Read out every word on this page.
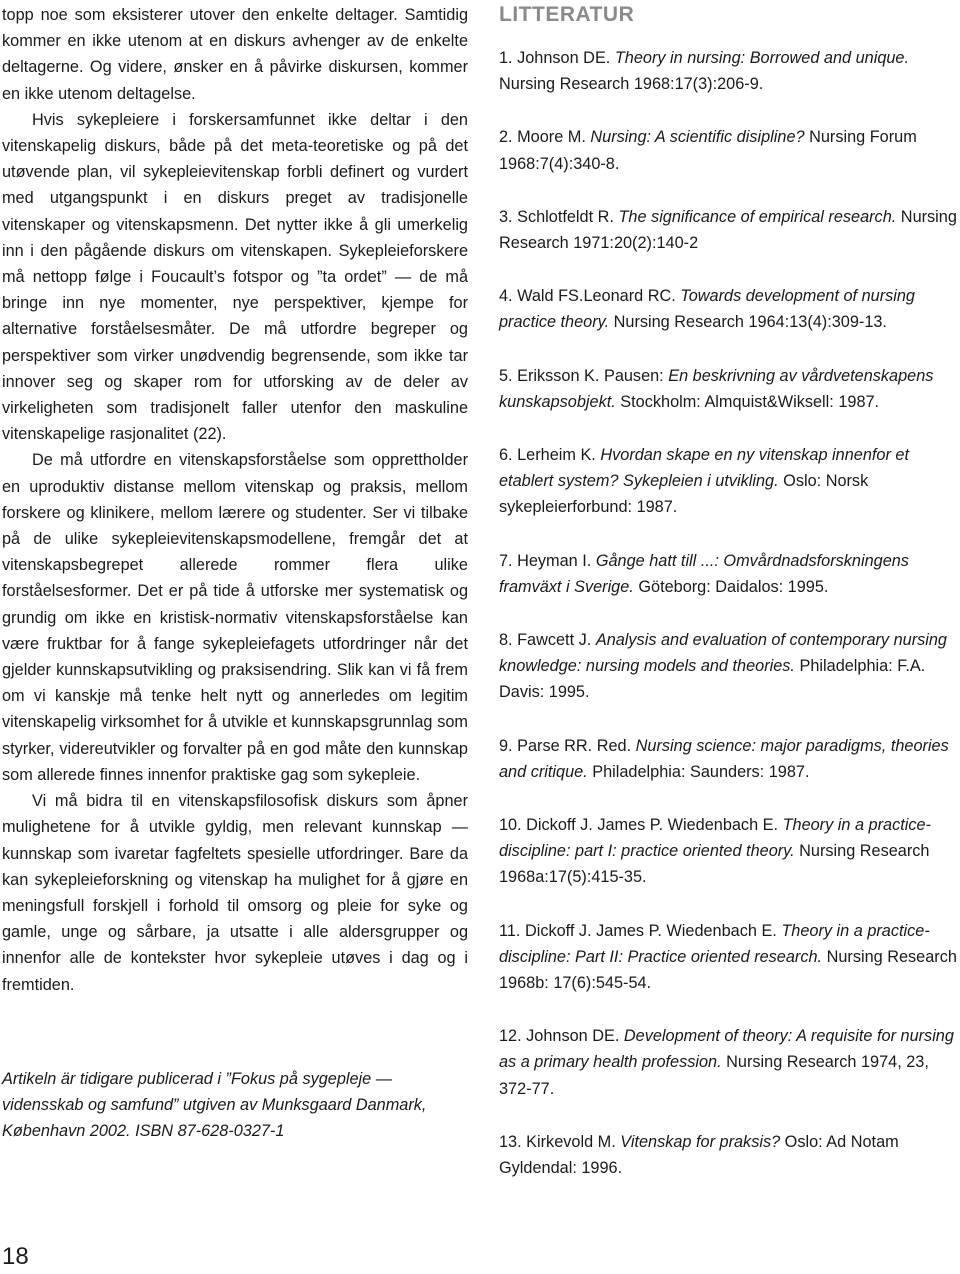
topp noe som eksisterer utover den enkelte deltager. Samtidig kommer en ikke utenom at en diskurs avhenger av de enkelte deltagerne. Og videre, ønsker en å påvirke diskursen, kommer en ikke utenom deltagelse.

Hvis sykepleiere i forskersamfunnet ikke deltar i den vitenskapelig diskurs, både på det meta-teoretiske og på det utøvende plan, vil sykepleievitenskap forbli definert og vurdert med utgangspunkt i en diskurs preget av tradisjonelle vitenskaper og vitenskapsmenn. Det nytter ikke å gli umerkelig inn i den pågående diskurs om vitenskapen. Sykepleieforskere må nettopp følge i Foucault’s fotspor og ”ta ordet” — de må bringe inn nye momenter, nye perspektiver, kjempe for alternative forståelsesmåter. De må utfordre begreper og perspektiver som virker unødvendig begrensende, som ikke tar innover seg og skaper rom for utforsking av de deler av virkeligheten som tradisjonelt faller utenfor den maskuline vitenskapelige rasjonalitet (22).

De må utfordre en vitenskapsforståelse som opprettholder en uproduktiv distanse mellom vitenskap og praksis, mellom forskere og klinikere, mellom lærere og studenter. Ser vi tilbake på de ulike sykepleievitenskapsmodellene, fremgår det at vitenskapsbegrepet allerede rommer flera ulike forståelsesformer. Det er på tide å utforske mer systematisk og grundig om ikke en kristisk-normativ vitenskapsforståelse kan være fruktbar for å fange sykepleiefagets utfordringer når det gjelder kunnskapsutvikling og praksisendring. Slik kan vi få frem om vi kanskje må tenke helt nytt og annerledes om legitim vitenskapelig virksomhet for å utvikle et kunnskapsgrunnlag som styrker, videreutvikler og forvalter på en god måte den kunnskap som allerede finnes innenfor praktiske gag som sykepleie.

Vi må bidra til en vitenskapsfilosofisk diskurs som åpner mulighetene for å utvikle gyldig, men relevant kunnskap — kunnskap som ivaretar fagfeltets spesielle utfordringer. Bare da kan sykepleieforskning og vitenskap ha mulighet for å gjøre en meningsfull forskjell i forhold til omsorg og pleie for syke og gamle, unge og sårbare, ja utsatte i alle aldersgrupper og innenfor alle de kontekster hvor sykepleie utøves i dag og i fremtiden.

Artikeln är tidigare publicerad i ”Fokus på sygepleje — vidensskab og samfund” utgiven av Munksgaard Danmark, København 2002. ISBN 87-628-0327-1

18
LITTERATUR

1. Johnson DE. Theory in nursing: Borrowed and unique. Nursing Research 1968:17(3):206-9.

2. Moore M. Nursing: A scientific disipline? Nursing Forum 1968:7(4):340-8.

3. Schlotfeldt R. The significance of empirical research. Nursing Research 1971:20(2):140-2

4. Wald FS.Leonard RC. Towards development of nursing practice theory. Nursing Research 1964:13(4):309-13.

5. Eriksson K. Pausen: En beskrivning av vårdvetenskapens kunskapsobjekt. Stockholm: Almquist&Wiksell: 1987.

6. Lerheim K. Hvordan skape en ny vitenskap innenfor et etablert system? Sykepleien i utvikling. Oslo: Norsk sykepleierforbund: 1987.

7. Heyman I. Gånge hatt till ...: Omvårdnadsforskningens framväxt i Sverige. Göteborg: Daidalos: 1995.

8. Fawcett J. Analysis and evaluation of contemporary nursing knowledge: nursing models and theories. Philadelphia: F.A. Davis: 1995.

9. Parse RR. Red. Nursing science: major paradigms, theories and critique. Philadelphia: Saunders: 1987.

10. Dickoff J. James P. Wiedenbach E. Theory in a practice-discipline: part I: practice oriented theory. Nursing Research 1968a:17(5):415-35.

11. Dickoff J. James P. Wiedenbach E. Theory in a practice-discipline: Part II: Practice oriented research. Nursing Research 1968b: 17(6):545-54.

12. Johnson DE. Development of theory: A requisite for nursing as a primary health profession. Nursing Research 1974, 23, 372-77.

13. Kirkevold M. Vitenskap for praksis? Oslo: Ad Notam Gyldendal: 1996.
